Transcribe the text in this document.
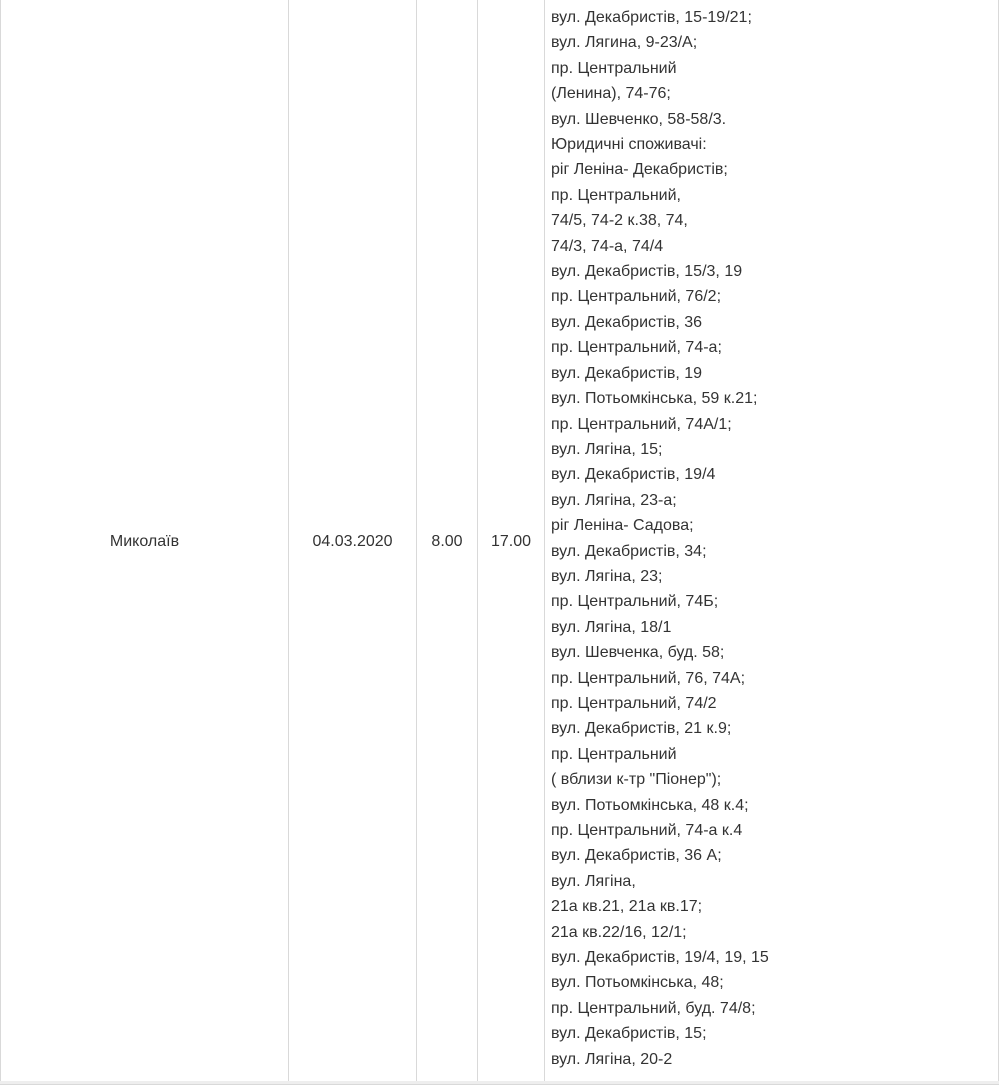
Миколаїв	04.03.2020	8.00	17.00	
вул. Декабристів, 15-19/21;
вул. Лягина, 9-23/А;
пр. Центральний
(Ленина), 74-76;
вул. Шевченко, 58-58/3.
Юридичні споживачі:
ріг Леніна- Декабристів;
пр. Центральний,
74/5, 74-2 к.38, 74,
74/3, 74-а, 74/4
вул. Декабристів, 15/3, 19
пр. Центральний, 76/2;
вул. Декабристів, 36
пр. Центральний, 74-а;
вул. Декабристів, 19
вул. Потьомкінська, 59 к.21;
пр. Центральний, 74А/1;
вул. Лягіна, 15;
вул. Декабристів, 19/4
вул. Лягіна, 23-а;
ріг Леніна- Садова;
вул. Декабристів, 34;
вул. Лягіна, 23;
пр. Центральний, 74Б;
вул. Лягіна, 18/1
вул. Шевченка, буд. 58;
пр. Центральний, 76, 74А;
пр. Центральний, 74/2
вул. Декабристів, 21 к.9;
пр. Центральний
( вблизи к-тр "Піонер");
вул. Потьомкінська, 48 к.4;
пр. Центральний, 74-а к.4
вул. Декабристів, 36 А;
вул. Лягіна,
21а кв.21, 21а кв.17;
21а кв.22/16, 12/1;
вул. Декабристів, 19/4, 19, 15
вул. Потьомкінська, 48;
пр. Центральний, буд. 74/8;
вул. Декабристів, 15;
вул. Лягіна, 20-2
